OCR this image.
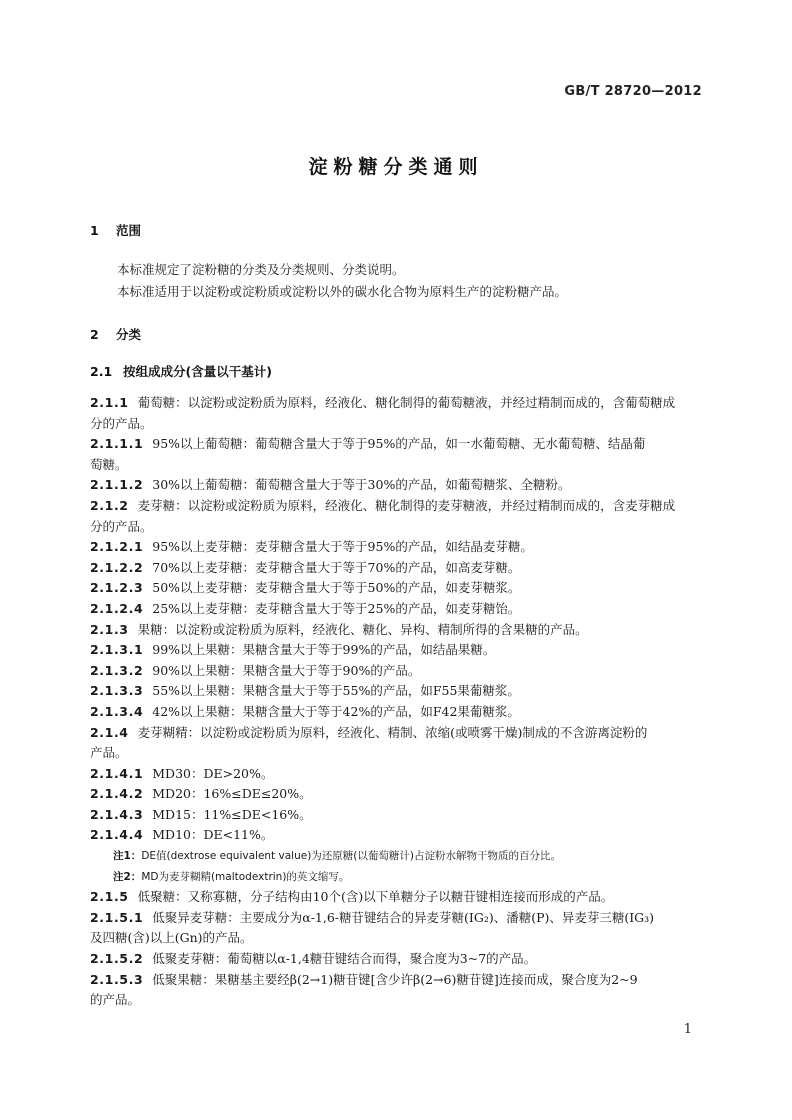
GB/T 28720—2012
淀粉糖分类通则
1 范围
本标准规定了淀粉糖的分类及分类规则、分类说明。
本标准适用于以淀粉或淀粉质或淀粉以外的碳水化合物为原料生产的淀粉糖产品。
2 分类
2.1 按组成成分(含量以干基计)
2.1.1 葡萄糖：以淀粉或淀粉质为原料，经液化、糖化制得的葡萄糖液，并经过精制而成的，含葡萄糖成
分的产品。
2.1.1.1 95%以上葡萄糖：葡萄糖含量大于等于95%的产品，如一水葡萄糖、无水葡萄糖、结晶葡
萄糖。
2.1.1.2 30%以上葡萄糖：葡萄糖含量大于等于30%的产品，如葡萄糖浆、全糖粉。
2.1.2 麦芽糖：以淀粉或淀粉质为原料，经液化、糖化制得的麦芽糖液，并经过精制而成的，含麦芽糖成
分的产品。
2.1.2.1 95%以上麦芽糖：麦芽糖含量大于等于95%的产品，如结晶麦芽糖。
2.1.2.2 70%以上麦芽糖：麦芽糖含量大于等于70%的产品，如高麦芽糖。
2.1.2.3 50%以上麦芽糖：麦芽糖含量大于等于50%的产品，如麦芽糖浆。
2.1.2.4 25%以上麦芽糖：麦芽糖含量大于等于25%的产品，如麦芽糖饴。
2.1.3 果糖：以淀粉或淀粉质为原料，经液化、糖化、异构、精制所得的含果糖的产品。
2.1.3.1 99%以上果糖：果糖含量大于等于99%的产品，如结晶果糖。
2.1.3.2 90%以上果糖：果糖含量大于等于90%的产品。
2.1.3.3 55%以上果糖：果糖含量大于等于55%的产品，如F55果葡糖浆。
2.1.3.4 42%以上果糖：果糖含量大于等于42%的产品，如F42果葡糖浆。
2.1.4 麦芽糊精：以淀粉或淀粉质为原料，经液化、精制、浓缩(或喷雾干燥)制成的不含游离淀粉的
产品。
2.1.4.1 MD30：DE>20%。
2.1.4.2 MD20：16%≤DE≤20%。
2.1.4.3 MD15：11%≤DE<16%。
2.1.4.4 MD10：DE<11%。
注1：DE值(dextrose equivalent value)为还原糖(以葡萄糖计)占淀粉水解物干物质的百分比。
注2：MD为麦芽糊精(maltodextrin)的英文缩写。
2.1.5 低聚糖：又称寡糖，分子结构由10个(含)以下单糖分子以糖苷键相连接而形成的产品。
2.1.5.1 低聚异麦芽糖：主要成分为α-1,6-糖苷键结合的异麦芽糖(IG₂)、潘糖(P)、异麦芽三糖(IG₃)
及四糖(含)以上(Gn)的产品。
2.1.5.2 低聚麦芽糖：葡萄糖以α-1,4糖苷键结合而得，聚合度为3~7的产品。
2.1.5.3 低聚果糖：果糖基主要经β(2→1)糖苷键[含少许β(2→6)糖苷键]连接而成，聚合度为2~9
的产品。
1
